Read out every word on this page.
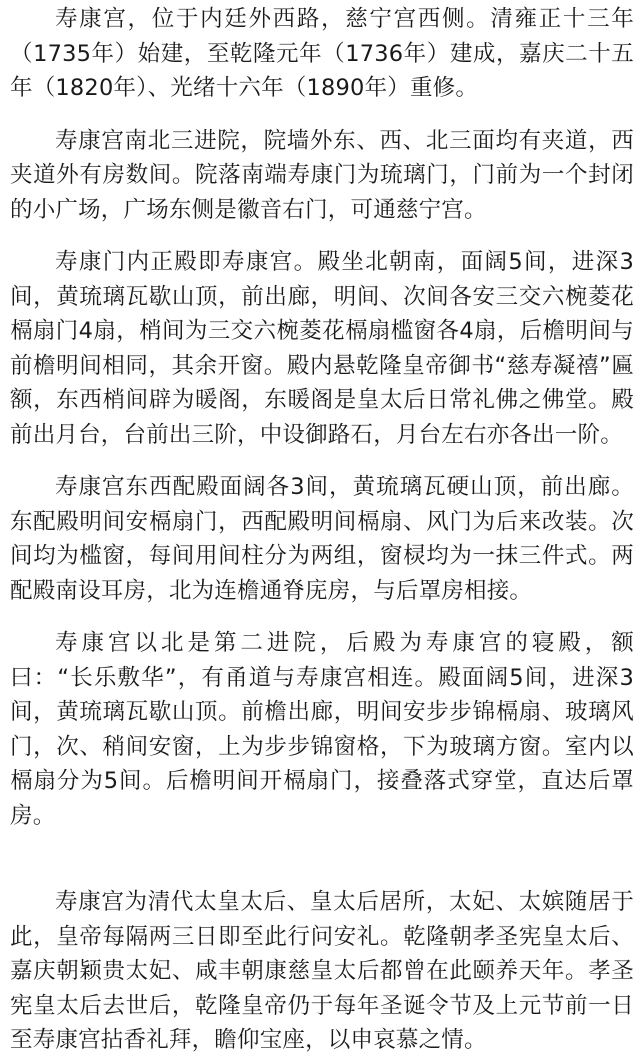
寿康宫，位于内廷外西路，慈宁宫西侧。清雍正十三年（1735年）始建，至乾隆元年（1736年）建成，嘉庆二十五年（1820年）、光绪十六年（1890年）重修。

寿康宫南北三进院，院墙外东、西、北三面均有夹道，西夹道外有房数间。院落南端寿康门为琉璃门，门前为一个封闭的小广场，广场东侧是徽音右门，可通慈宁宫。

寿康门内正殿即寿康宫。殿坐北朝南，面阔5间，进深3间，黄琉璃瓦歇山顶，前出廊，明间、次间各安三交六椀菱花槅扇门4扇，梢间为三交六椀菱花槅扇槛窗各4扇，后檐明间与前檐明间相同，其余开窗。殿内悬乾隆皇帝御书“慈寿凝禧”匾额，东西梢间辟为暖阁，东暖阁是皇太后日常礼佛之佛堂。殿前出月台，台前出三阶，中设御路石，月台左右亦各出一阶。

寿康宫东西配殿面阔各3间，黄琉璃瓦硬山顶，前出廊。东配殿明间安槅扇门，西配殿明间槅扇、风门为后来改装。次间均为槛窗，每间用间柱分为两组，窗棂均为一抹三件式。两配殿南设耳房，北为连檐通脊庑房，与后罩房相接。

寿康宫以北是第二进院，后殿为寿康宫的寝殿，额曰：“长乐敷华”，有甬道与寿康宫相连。殿面阔5间，进深3间，黄琉璃瓦歇山顶。前檐出廊，明间安步步锦槅扇、玻璃风门，次、稍间安窗，上为步步锦窗格，下为玻璃方窗。室内以槅扇分为5间。后檐明间开槅扇门，接叠落式穿堂，直达后罩房。

寿康宫为清代太皇太后、皇太后居所，太妃、太嫔随居于此，皇帝每隔两三日即至此行问安礼。乾隆朝孝圣宪皇太后、嘉庆朝颖贵太妃、咸丰朝康慈皇太后都曾在此颐养天年。孝圣宪皇太后去世后，乾隆皇帝仍于每年圣诞令节及上元节前一日至寿康宫拈香礼拜，瞻仰宝座，以申哀慕之情。
